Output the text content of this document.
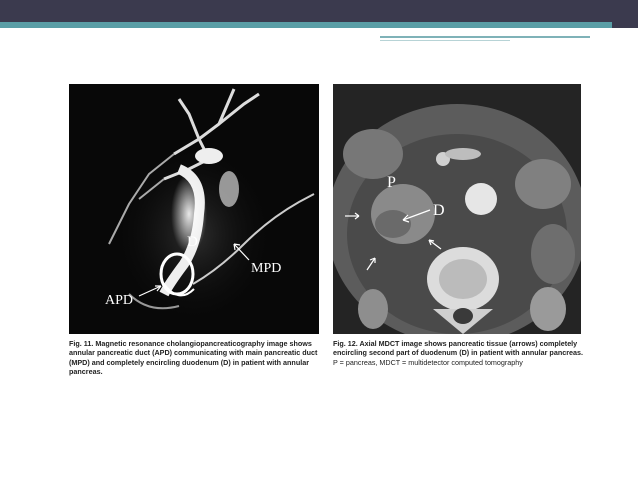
D
MPD
APD

Fig. 11. Magnetic resonance cholangiopancreaticography image shows annular pancreatic duct (APD) communicating with main pancreatic duct (MPD) and completely encircling duodenum (D) in patient with annular pancreas.

P
D

Fig. 12. Axial MDCT image shows pancreatic tissue (arrows) completely encircling second part of duodenum (D) in patient with annular pancreas. P = pancreas, MDCT = multidetector computed tomography
